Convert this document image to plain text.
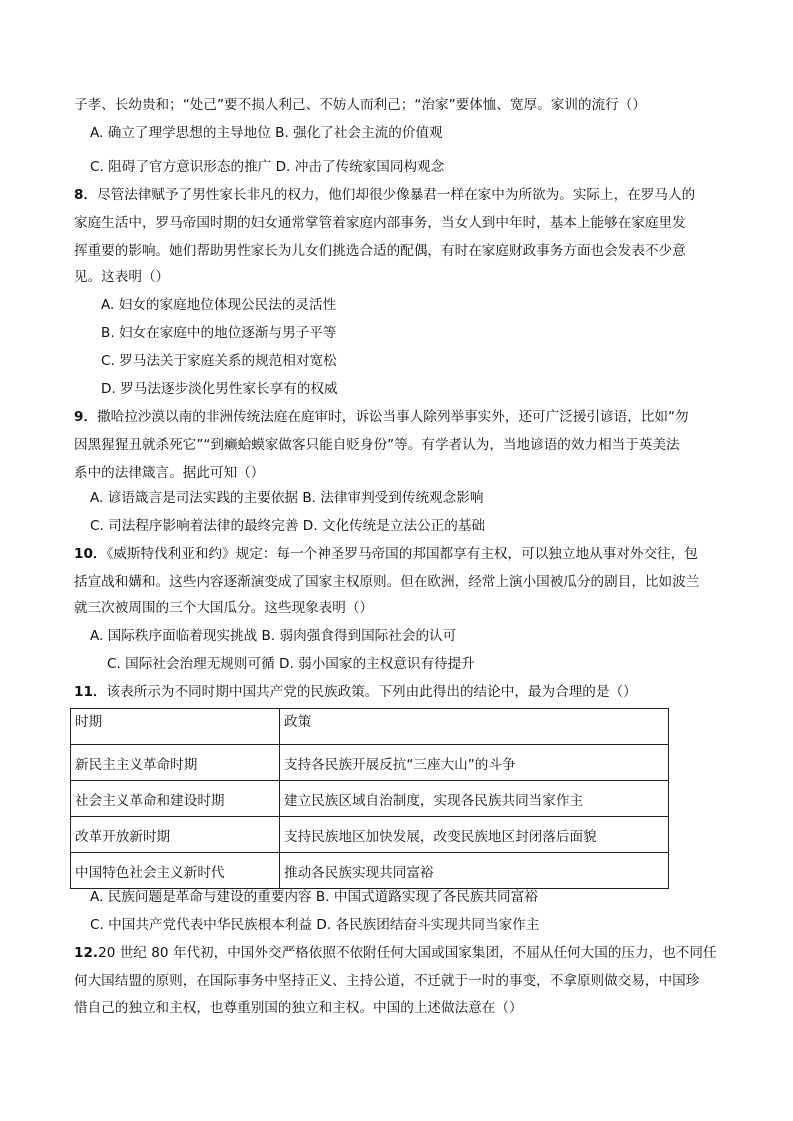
子孝、长幼贵和；“处己”要不损人利己、不妨人而利己；“治家”要体恤、宽厚。家训的流行（）
A. 确立了理学思想的主导地位 B. 强化了社会主流的价值观
C. 阻碍了官方意识形态的推广 D. 冲击了传统家国同构观念
8．尽管法律赋予了男性家长非凡的权力，他们却很少像暴君一样在家中为所欲为。实际上，在罗马人的
家庭生活中，罗马帝国时期的妇女通常掌管着家庭内部事务，当女人到中年时，基本上能够在家庭里发
挥重要的影响。她们帮助男性家长为儿女们挑选合适的配偶，有时在家庭财政事务方面也会发表不少意
见。这表明（）
A. 妇女的家庭地位体现公民法的灵活性
B. 妇女在家庭中的地位逐渐与男子平等
C. 罗马法关于家庭关系的规范相对宽松
D. 罗马法逐步淡化男性家长享有的权威
9．撒哈拉沙漠以南的非洲传统法庭在庭审时，诉讼当事人除列举事实外，还可广泛援引谚语，比如“勿
因黑猩猩丑就杀死它”“到癞蛤蟆家做客只能自贬身份”等。有学者认为，当地谚语的效力相当于英美法
系中的法律箴言。据此可知（）
A. 谚语箴言是司法实践的主要依据 B. 法律审判受到传统观念影响
C. 司法程序影响着法律的最终完善 D. 文化传统是立法公正的基础
10．《威斯特伐利亚和约》规定：每一个神圣罗马帝国的邦国都享有主权，可以独立地从事对外交往，包
括宣战和媾和。这些内容逐渐演变成了国家主权原则。但在欧洲，经常上演小国被瓜分的剧目，比如波兰
就三次被周围的三个大国瓜分。这些现象表明（）
A. 国际秩序面临着现实挑战 B. 弱肉强食得到国际社会的认可
C. 国际社会治理无规则可循 D. 弱小国家的主权意识有待提升
11．该表所示为不同时期中国共产党的民族政策。下列由此得出的结论中，最为合理的是（）
时期	政策
新民主主义革命时期	支持各民族开展反抗“三座大山”的斗争
社会主义革命和建设时期	建立民族区域自治制度，实现各民族共同当家作主
改革开放新时期	支持民族地区加快发展，改变民族地区封闭落后面貌
中国特色社会主义新时代	推动各民族实现共同富裕
A. 民族问题是革命与建设的重要内容 B. 中国式道路实现了各民族共同富裕
C. 中国共产党代表中华民族根本利益 D. 各民族团结奋斗实现共同当家作主
12.20 世纪 80 年代初，中国外交严格依照不依附任何大国或国家集团，不屈从任何大国的压力，也不同任
何大国结盟的原则，在国际事务中坚持正义、主持公道，不迁就于一时的事变，不拿原则做交易，中国珍
惜自己的独立和主权，也尊重别国的独立和主权。中国的上述做法意在（）
